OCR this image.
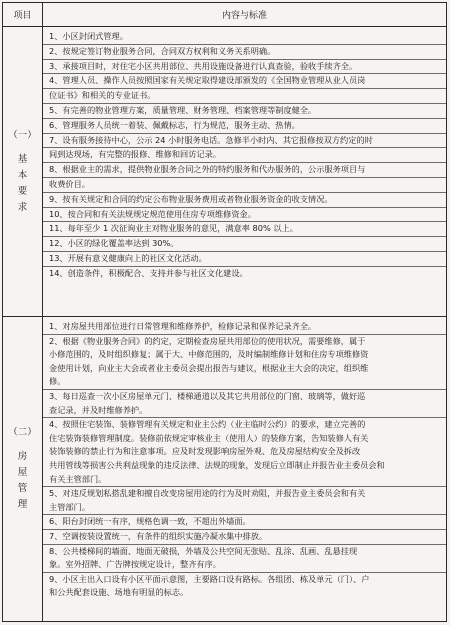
项目	内容与标准
（一）
基
本
要
求
1、小区封闭式管理。
2、按规定签订物业服务合同，合同双方权利和义务关系明确。
3、承接项目时，对住宅小区共用部位、共用设施设备进行认真查验，验收手续齐全。
4、管理人员、操作人员按照国家有关规定取得建设部颁发的《全国物业管理从业人员岗
位证书》和相关的专业证书。
5、有完善的物业管理方案，质量管理、财务管理、档案管理等制度健全。
6、管理服务人员统一着装、佩戴标志，行为规范，服务主动、热情。
7、设有服务接待中心，公示 24 小时服务电话。急修半小时内、其它报修按双方约定的时
间到达现场，有完整的报修、维修和回访记录。
8、根据业主的需求，提供物业服务合同之外的特约服务和代办服务的，公示服务项目与
收费价目。
9、按有关规定和合同的约定公布物业服务费用或者物业服务资金的收支情况。
10、按合同和有关法规规定规范使用住房专项维修资金。
11、每年至少 1 次征询业主对物业服务的意见，满意率 80% 以上。
12、小区的绿化覆盖率达到 30%。
13、开展有意义健康向上的社区文化活动。
14、创造条件，积极配合、支持并参与社区文化建设。
（二）
房
屋
管
理
1、对房屋共用部位进行日常管理和维修养护，检修记录和保养记录齐全。
2、根据《物业服务合同》的约定，定期检查房屋共用部位的使用状况，需要维修，属于
小修范围的，及时组织修复；属于大、中修范围的，及时编制维修计划和住房专项维修资
金使用计划，向业主大会或者业主委员会提出报告与建议，根据业主大会的决定，组织维
修。
3、每日巡查一次小区房屋单元门、楼梯通道以及其它共用部位的门窗、玻璃等，做好巡
查记录，并及时维修养护。
4、按照住宅装饰、装修管理有关规定和业主公约（业主临时公约）的要求，建立完善的
住宅装饰装修管理制度。装修前依规定审核业主（使用人）的装修方案，告知装修人有关
装饰装修的禁止行为和注意事项。应及时发现影响房屋外观、危及房屋结构安全及拆改
共用管线等损害公共利益现象的违反法律、法规的现象，发现后立即制止并报告业主委员会和
有关主管部门。
5、对违反规划私搭乱建和擅自改变房屋用途的行为及时劝阻，并报告业主委员会和有关
主管部门。
6、阳台封闭统一有序，规格色调一致，不超出外墙面。
7、空调按装设置统一，有条件的组织实施冷凝水集中排放。
8、公共楼梯间的墙面、地面无破损，外墙及公共空间无张贴、乱涂、乱画、乱悬挂现
象。室外招牌、广告牌按规定设计，整齐有序。
9、小区主出入口设有小区平面示意图，主要路口设有路标。各组团、栋及单元（门）、户
和公共配套设施、场地有明显的标志。
